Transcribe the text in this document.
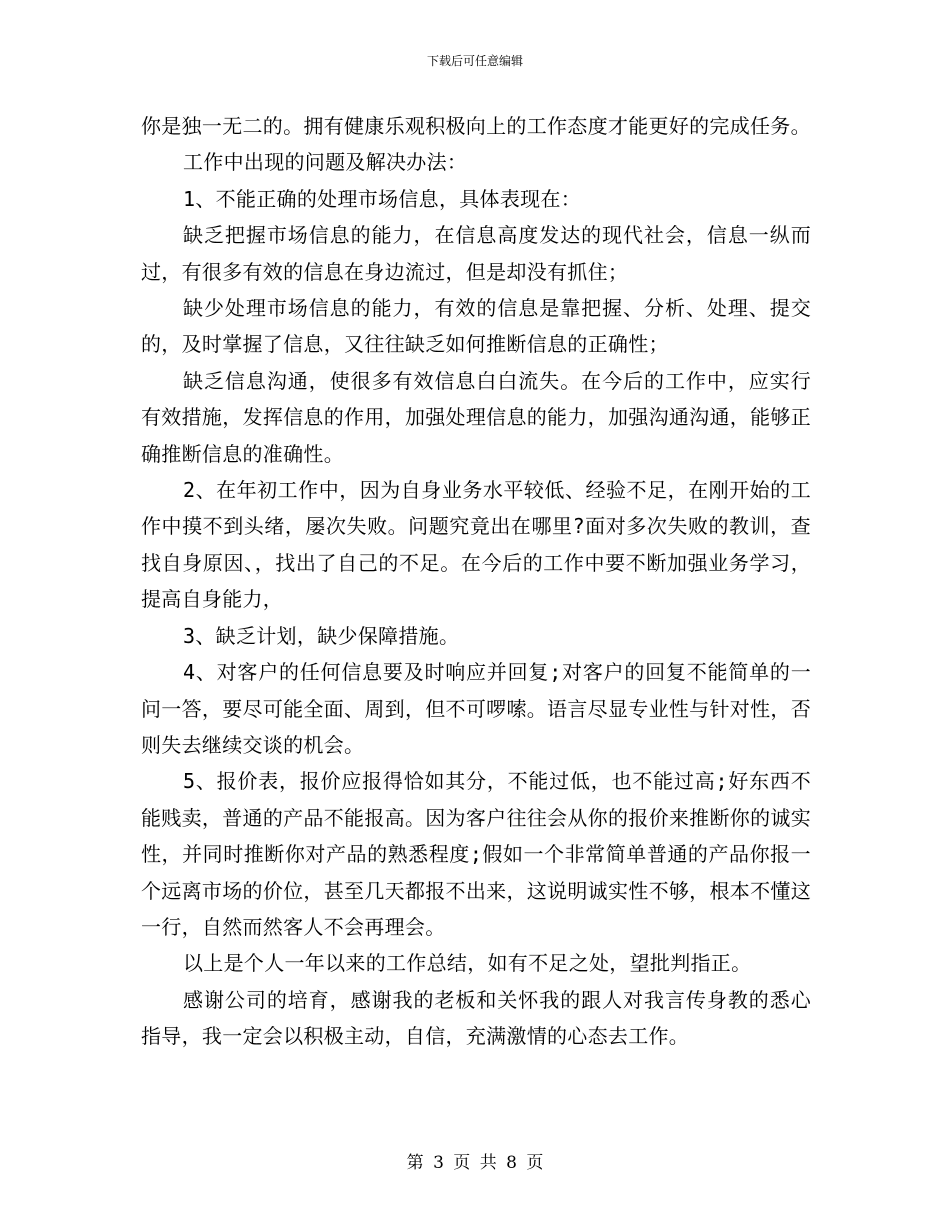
下载后可任意编辑

你是独一无二的。拥有健康乐观积极向上的工作态度才能更好的完成任务。

工作中出现的问题及解决办法：

1、不能正确的处理市场信息，具体表现在：

缺乏把握市场信息的能力，在信息高度发达的现代社会，信息一纵而过，有很多有效的信息在身边流过，但是却没有抓住；

缺少处理市场信息的能力，有效的信息是靠把握、分析、处理、提交的，及时掌握了信息，又往往缺乏如何推断信息的正确性；

缺乏信息沟通，使很多有效信息白白流失。在今后的工作中，应实行有效措施，发挥信息的作用，加强处理信息的能力，加强沟通沟通，能够正确推断信息的准确性。

2、在年初工作中，因为自身业务水平较低、经验不足，在刚开始的工作中摸不到头绪，屡次失败。问题究竟出在哪里?面对多次失败的教训，查找自身原因、，找出了自己的不足。在今后的工作中要不断加强业务学习，提高自身能力，

3、缺乏计划，缺少保障措施。

4、对客户的任何信息要及时响应并回复;对客户的回复不能简单的一问一答，要尽可能全面、周到，但不可啰嗦。语言尽显专业性与针对性，否则失去继续交谈的机会。

5、报价表，报价应报得恰如其分，不能过低，也不能过高;好东西不能贱卖，普通的产品不能报高。因为客户往往会从你的报价来推断你的诚实性，并同时推断你对产品的熟悉程度;假如一个非常简单普通的产品你报一个远离市场的价位，甚至几天都报不出来，这说明诚实性不够，根本不懂这一行，自然而然客人不会再理会。

以上是个人一年以来的工作总结，如有不足之处，望批判指正。

感谢公司的培育，感谢我的老板和关怀我的跟人对我言传身教的悉心指导，我一定会以积极主动，自信，充满激情的心态去工作。

第 3 页 共 8 页
